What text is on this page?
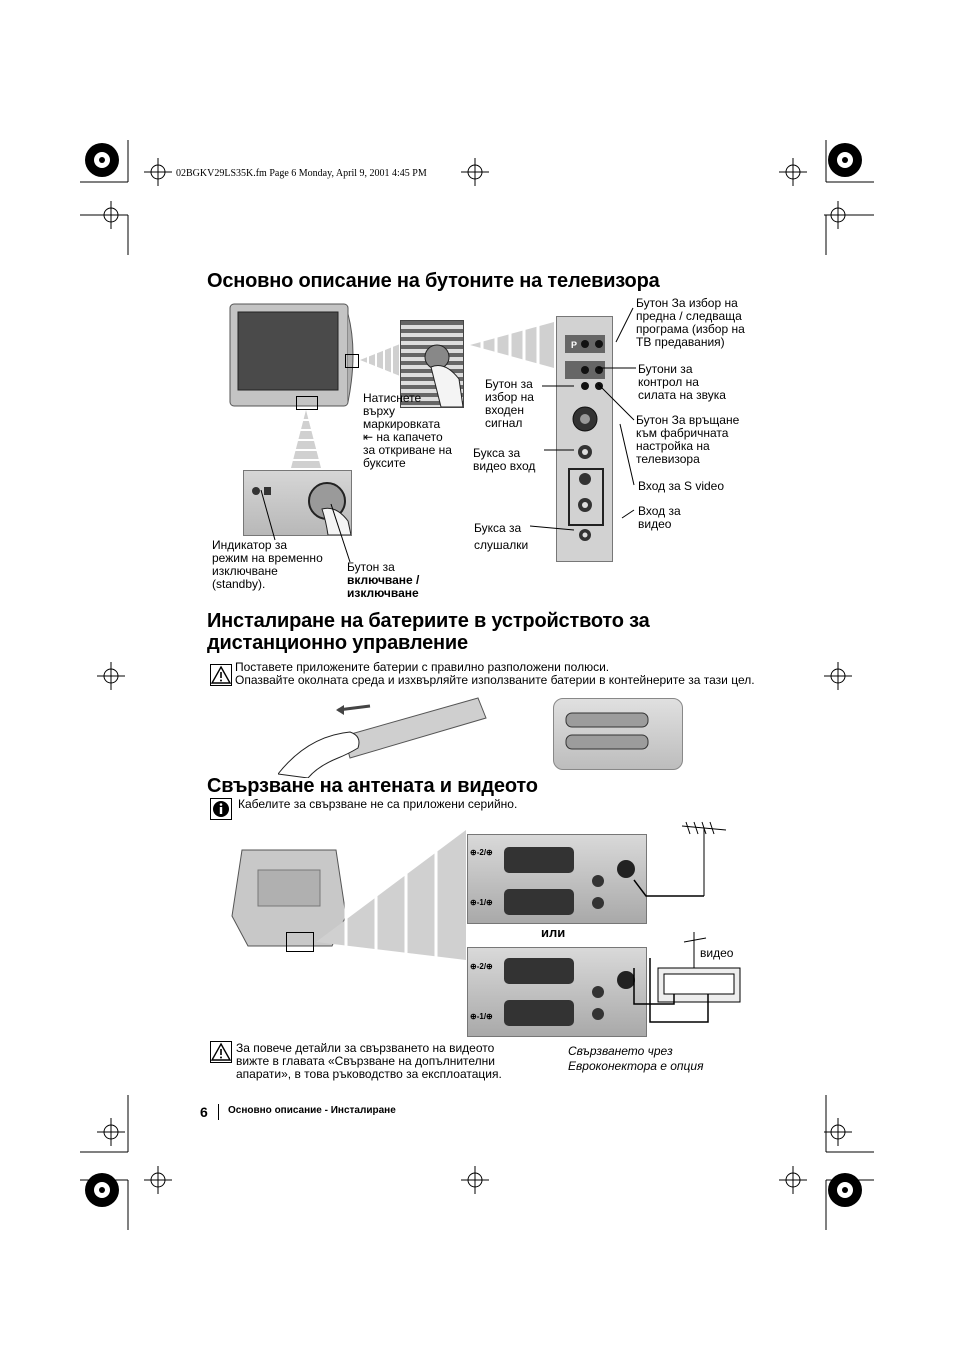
02BGKV29LS35K.fm Page 6 Monday, April 9, 2001 4:45 PM
Основно описание на бутоните на телевизора
Натиснете
върху
маркировката
⇤ на капачето
за откриване на
буксите
Индикатор за
режим на временно
изключване
(standby).
Бутон за
включване /
изключване
P
Бутон за
избор на
входен
сигнал
Букса за
видео вход
Букса за
слушалки
Бутон За избор на
предна / следваща
програма (избор на
ТВ предавания)
Бутони за
контрол на
силата на звука
Бутон За връщане
към фабричната
настройка на
телевизора
Вход за S video
Вход за
видео
Инсталиране на батериите в устройството за
дистанционно управление
Поставете приложените батерии с правилно разположени полюси.
Опазвайте околната среда и изхвърляйте използваните батерии в контейнерите за тази цел.
Свързване на антената и видеото
Кабелите за свързване не са приложени серийно.
⊕-2/⊕
⊕-1/⊕
или
⊕-2/⊕
⊕-1/⊕
видео
За повече детайли за свързването на видеото
вижте в главата «Свързване на допълнителни
апарати», в това ръководство за експлоатация.
Свързването чрез
Евроконектора е опция
6 Основно описание - Инсталиране
